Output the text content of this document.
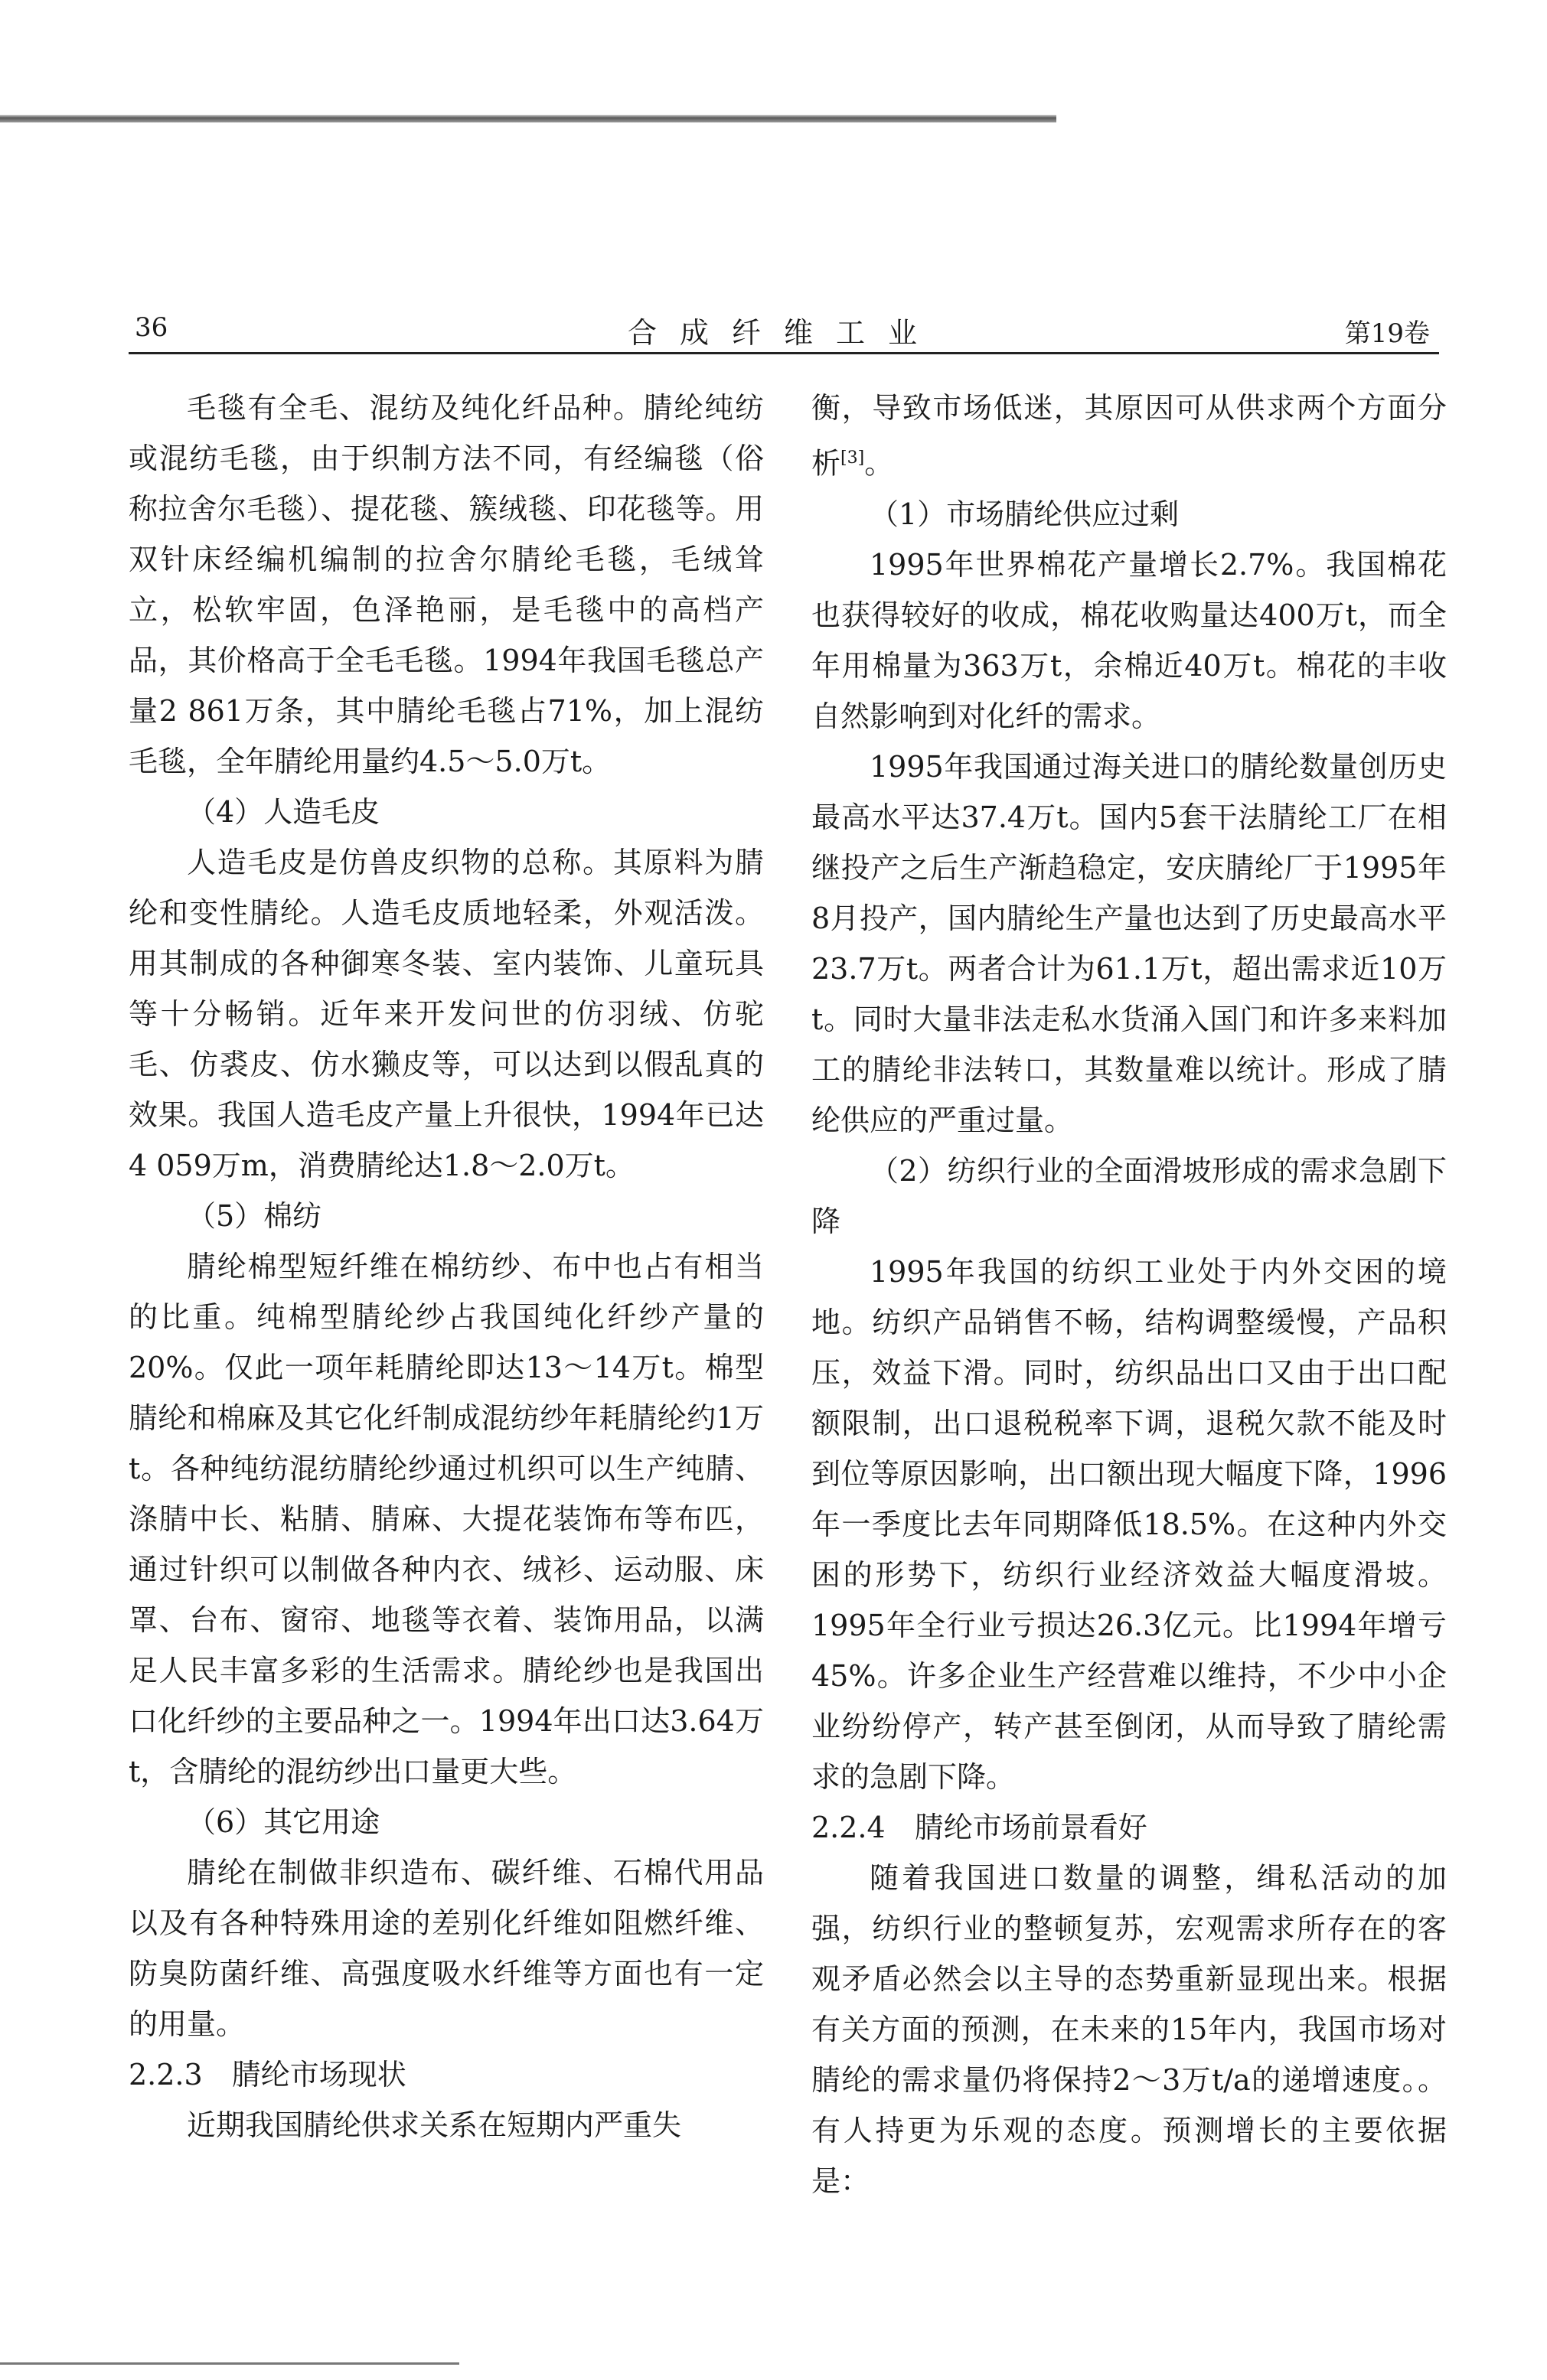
36	合成纤维工业	第19卷

毛毯有全毛、混纺及纯化纤品种。腈纶纯纺或混纺毛毯，由于织制方法不同，有经编毯（俗称拉舍尔毛毯）、提花毯、簇绒毯、印花毯等。用双针床经编机编制的拉舍尔腈纶毛毯，毛绒耸立，松软牢固，色泽艳丽，是毛毯中的高档产品，其价格高于全毛毛毯。1994年我国毛毯总产量2 861万条，其中腈纶毛毯占71%，加上混纺毛毯，全年腈纶用量约4.5～5.0万t。

（4）人造毛皮

人造毛皮是仿兽皮织物的总称。其原料为腈纶和变性腈纶。人造毛皮质地轻柔，外观活泼。用其制成的各种御寒冬装、室内装饰、儿童玩具等十分畅销。近年来开发问世的仿羽绒、仿驼毛、仿裘皮、仿水獭皮等，可以达到以假乱真的效果。我国人造毛皮产量上升很快，1994年已达4 059万m，消费腈纶达1.8～2.0万t。

（5）棉纺

腈纶棉型短纤维在棉纺纱、布中也占有相当的比重。纯棉型腈纶纱占我国纯化纤纱产量的20%。仅此一项年耗腈纶即达13～14万t。棉型腈纶和棉麻及其它化纤制成混纺纱年耗腈纶约1万t。各种纯纺混纺腈纶纱通过机织可以生产纯腈、涤腈中长、粘腈、腈麻、大提花装饰布等布匹，通过针织可以制做各种内衣、绒衫、运动服、床罩、台布、窗帘、地毯等衣着、装饰用品，以满足人民丰富多彩的生活需求。腈纶纱也是我国出口化纤纱的主要品种之一。1994年出口达3.64万t，含腈纶的混纺纱出口量更大些。

（6）其它用途

腈纶在制做非织造布、碳纤维、石棉代用品以及有各种特殊用途的差别化纤维如阻燃纤维、防臭防菌纤维、高强度吸水纤维等方面也有一定的用量。

2.2.3　腈纶市场现状

近期我国腈纶供求关系在短期内严重失

衡，导致市场低迷，其原因可从供求两个方面分析[3]。

（1）市场腈纶供应过剩

1995年世界棉花产量增长2.7%。我国棉花也获得较好的收成，棉花收购量达400万t，而全年用棉量为363万t，余棉近40万t。棉花的丰收自然影响到对化纤的需求。

1995年我国通过海关进口的腈纶数量创历史最高水平达37.4万t。国内5套干法腈纶工厂在相继投产之后生产渐趋稳定，安庆腈纶厂于1995年8月投产，国内腈纶生产量也达到了历史最高水平23.7万t。两者合计为61.1万t，超出需求近10万t。同时大量非法走私水货涌入国门和许多来料加工的腈纶非法转口，其数量难以统计。形成了腈纶供应的严重过量。

（2）纺织行业的全面滑坡形成的需求急剧下降

1995年我国的纺织工业处于内外交困的境地。纺织产品销售不畅，结构调整缓慢，产品积压，效益下滑。同时，纺织品出口又由于出口配额限制，出口退税税率下调，退税欠款不能及时到位等原因影响，出口额出现大幅度下降，1996年一季度比去年同期降低18.5%。在这种内外交困的形势下，纺织行业经济效益大幅度滑坡。1995年全行业亏损达26.3亿元。比1994年增亏45%。许多企业生产经营难以维持，不少中小企业纷纷停产，转产甚至倒闭，从而导致了腈纶需求的急剧下降。

2.2.4　腈纶市场前景看好

随着我国进口数量的调整，缉私活动的加强，纺织行业的整顿复苏，宏观需求所存在的客观矛盾必然会以主导的态势重新显现出来。根据有关方面的预测，在未来的15年内，我国市场对腈纶的需求量仍将保持2～3万t/a的递增速度。。有人持更为乐观的态度。预测增长的主要依据是：
